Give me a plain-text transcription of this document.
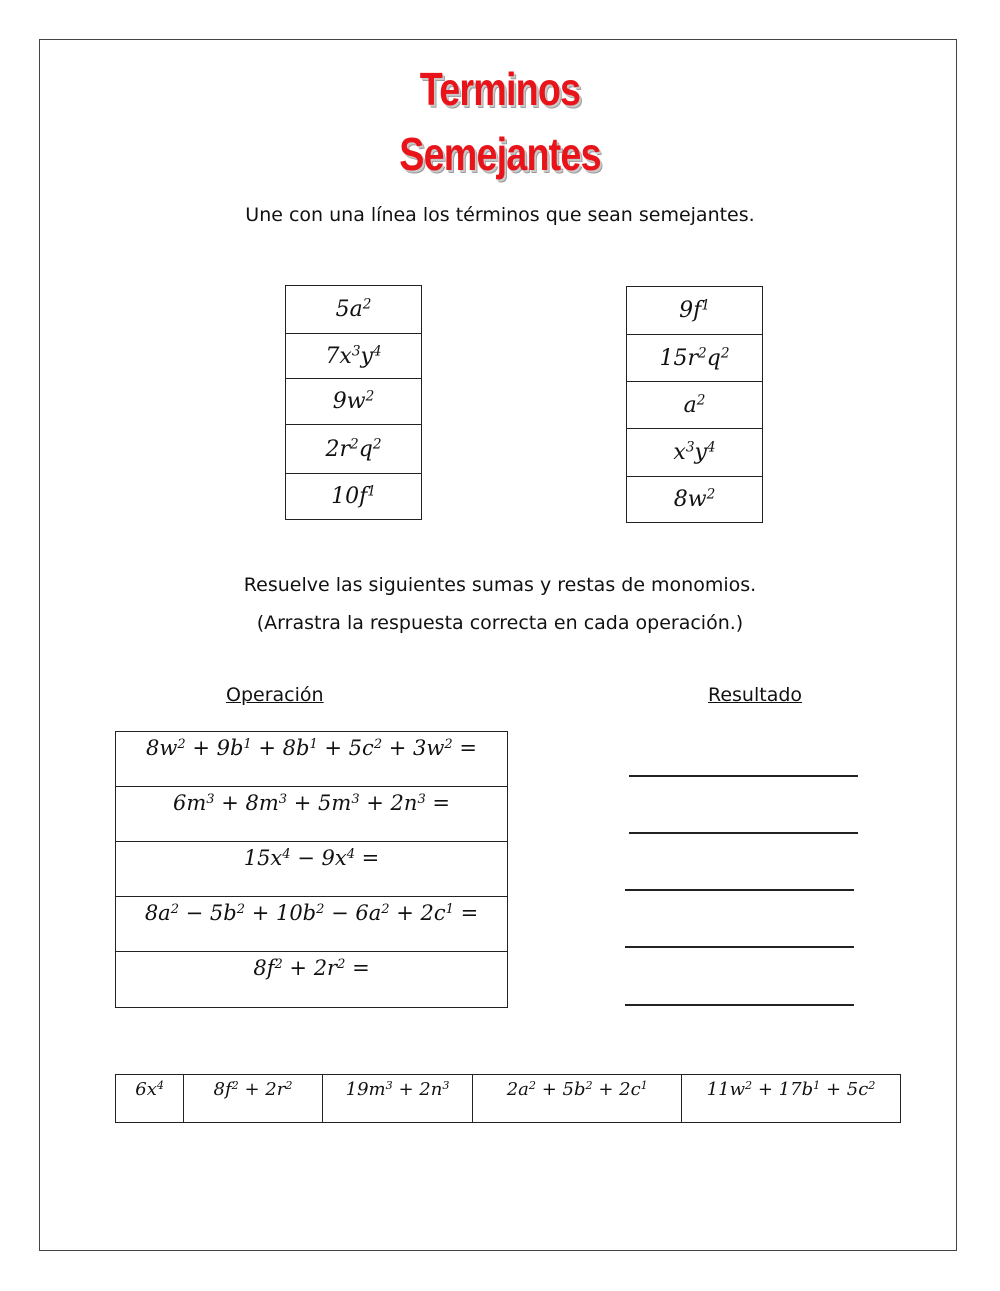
Terminos
Semejantes
Une con una línea los términos que sean semejantes.
$5a^2$
$7x^3y^4$
$9w^2$
$2r^2q^2$
$10f^1$
$9f^1$
$15r^2q^2$
$a^2$
$x^3y^4$
$8w^2$
Resuelve las siguientes sumas y restas de monomios.
(Arrastra la respuesta correcta en cada operación.)
Operación	Resultado
$8w^2 + 9b^1 + 8b^1 + 5c^2 + 3w^2$ =
$6m^3 + 8m^3 + 5m^3 + 2n^3$ =
$15x^4 - 9x^4$ =
$8a^2 - 5b^2 + 10b^2 - 6a^2 + 2c^1$ =
$8f^2 + 2r^2$ =
$6x^4$	$8f^2 + 2r^2$	$19m^3 + 2n^3$	$2a^2 + 5b^2 + 2c^1$	$11w^2 + 17b^1 + 5c^2$
